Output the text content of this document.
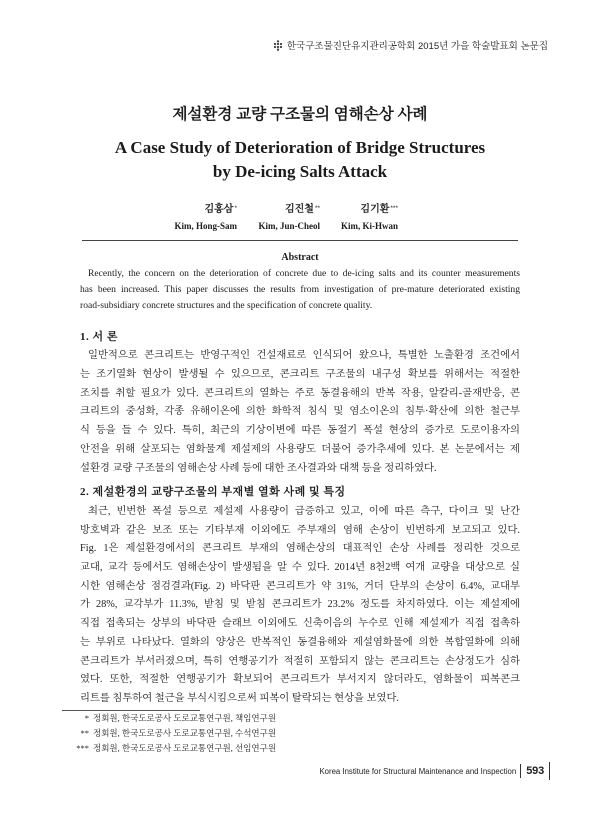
한국구조물진단유지관리공학회 2015년 가을 학술발표회 논문집
제설환경 교량 구조물의 염해손상 사례
A Case Study of Deterioration of Bridge Structures
by De-icing Salts Attack
김홍삼*
Kim, Hong-Sam
김진철**
Kim, Jun-Cheol
김기환***
Kim, Ki-Hwan
Abstract
Recently, the concern on the deterioration of concrete due to de-icing salts and its counter measurements
has been increased. This paper discusses the results from investigation of pre-mature deteriorated existing
road-subsidiary concrete structures and the specification of concrete quality.
1. 서 론
일반적으로 콘크리트는 반영구적인 건설재료로 인식되어 왔으나, 특별한 노출환경 조건에서
는 조기열화 현상이 발생될 수 있으므로, 콘크리트 구조물의 내구성 확보를 위해서는 적절한
조치를 취할 필요가 있다. 콘크리트의 열화는 주로 동결융해의 반복 작용, 알칼리-골재반응, 콘
크리트의 중성화, 각종 유해이온에 의한 화학적 침식 및 염소이온의 침투·확산에 의한 철근부
식 등을 들 수 있다. 특히, 최근의 기상이변에 따른 동절기 폭설 현상의 증가로 도로이용자의
안전을 위해 살포되는 염화물계 제설제의 사용량도 더불어 증가추세에 있다. 본 논문에서는 제
설환경 교량 구조물의 염해손상 사례 등에 대한 조사결과와 대책 등을 정리하였다.
2. 제설환경의 교량구조물의 부재별 열화 사례 및 특징
최근, 빈번한 폭설 등으로 제설제 사용량이 급증하고 있고, 이에 따른 측구, 다이크 및 난간
방호벽과 같은 보조 또는 기타부재 이외에도 주부재의 염해 손상이 빈번하게 보고되고 있다.
Fig. 1은 제설환경에서의 콘크리트 부재의 염해손상의 대표적인 손상 사례를 정리한 것으로
교대, 교각 등에서도 염해손상이 발생됨을 알 수 있다. 2014년 8천2백 여개 교량을 대상으로 실
시한 염해손상 점검결과(Fig. 2) 바닥판 콘크리트가 약 31%, 거더 단부의 손상이 6.4%, 교대부
가 28%, 교각부가 11.3%, 받침 및 받침 콘크리트가 23.2% 정도를 차지하였다. 이는 제설제에
직접 접촉되는 상부의 바닥판 슬래브 이외에도 신축이음의 누수로 인해 제설제가 직접 접촉하
는 부위로 나타났다. 열화의 양상은 반복적인 동결융해와 제설염화물에 의한 복합열화에 의해
콘크리트가 부서러졌으며, 특히 연행공기가 적절히 포함되지 않는 콘크리트는 손상정도가 심하
였다. 또한, 적절한 연행공기가 확보되어 콘크리트가 부서지지 않더라도, 염화물이 피복콘크
리트를 침투하여 철근을 부식시킴으로써 피복이 탈락되는 현상을 보였다.
* 정회원, 한국도로공사 도로교통연구원, 책임연구원
** 정회원, 한국도로공사 도로교통연구원, 수석연구원
*** 정회원, 한국도로공사 도로교통연구원, 선임연구원
Korea Institute for Structural Maintenance and Inspection 593
